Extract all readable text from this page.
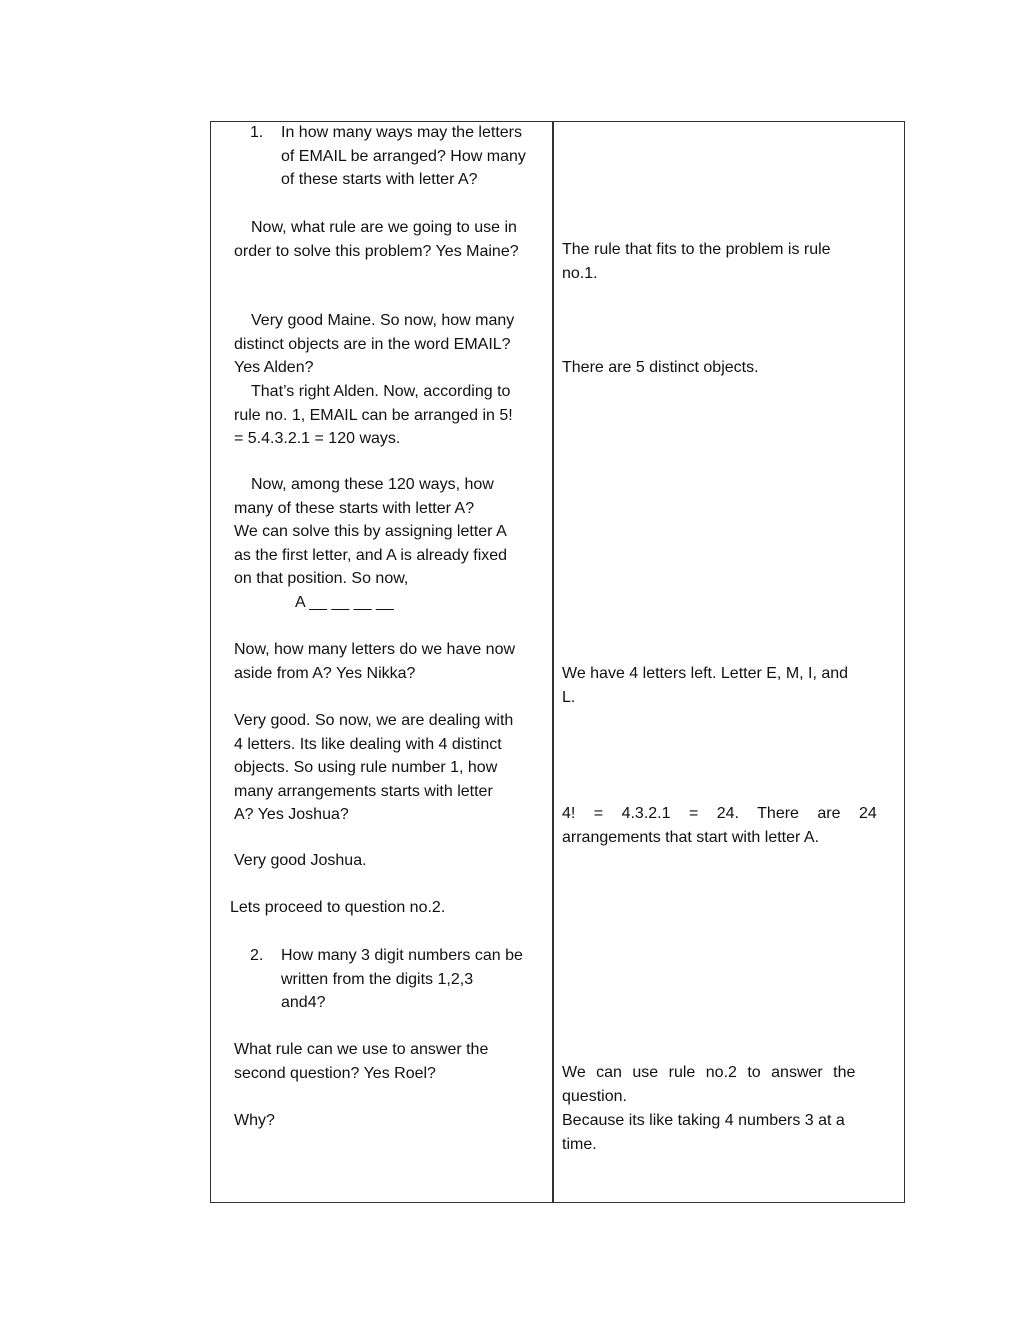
1. In how many ways may the letters
of EMAIL be arranged? How many
of these starts with letter A?
Now, what rule are we going to use in
order to solve this problem? Yes Maine?
Very good Maine. So now, how many
distinct objects are in the word EMAIL?
Yes Alden?
That’s right Alden. Now, according to
rule no. 1, EMAIL can be arranged in 5!
= 5.4.3.2.1 = 120 ways.
Now, among these 120 ways, how
many of these starts with letter A?
We can solve this by assigning letter A
as the first letter, and A is already fixed
on that position. So now,
A __ __ __ __
Now, how many letters do we have now
aside from A? Yes Nikka?
Very good. So now, we are dealing with
4 letters. Its like dealing with 4 distinct
objects. So using rule number 1, how
many arrangements starts with letter
A? Yes Joshua?
Very good Joshua.
Lets proceed to question no.2.
2. How many 3 digit numbers can be
written from the digits 1,2,3
and4?
What rule can we use to answer the
second question? Yes Roel?
Why?
The rule that fits to the problem is rule
no.1.
There are 5 distinct objects.
We have 4 letters left. Letter E, M, I, and
L.
4! = 4.3.2.1 = 24. There are 24
arrangements that start with letter A.
We can use rule no.2 to answer the
question.
Because its like taking 4 numbers 3 at a
time.
